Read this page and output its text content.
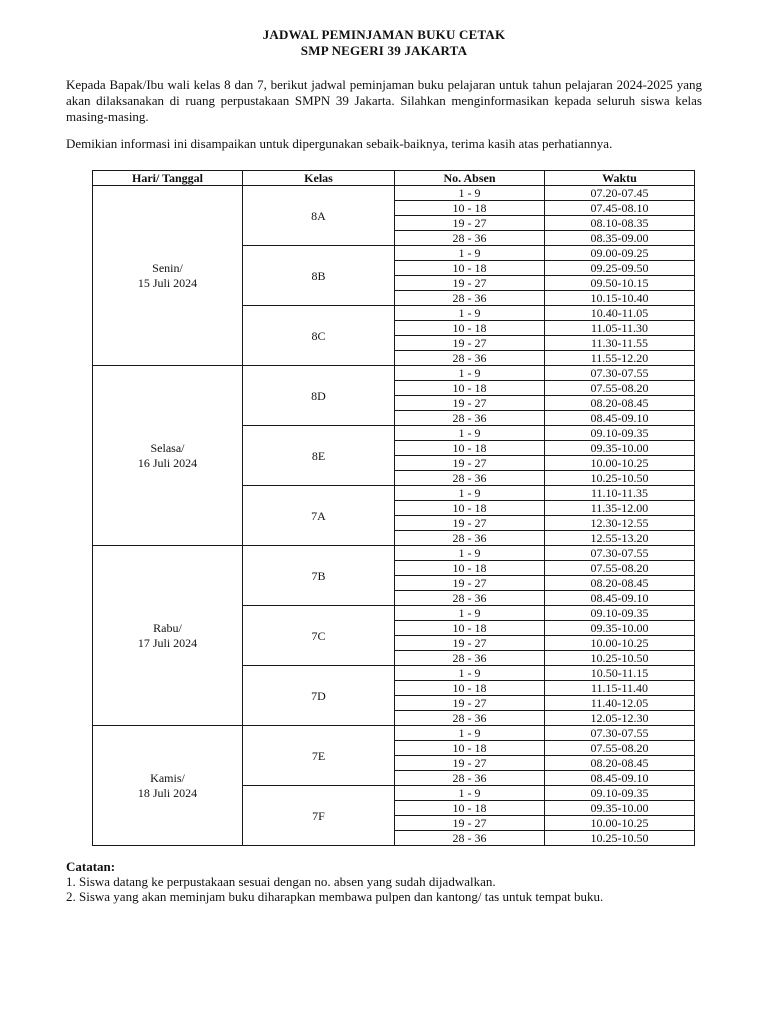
JADWAL PEMINJAMAN BUKU CETAK
SMP NEGERI 39 JAKARTA
Kepada Bapak/Ibu wali kelas 8 dan 7, berikut jadwal peminjaman buku pelajaran untuk tahun pelajaran 2024-2025 yang akan dilaksanakan di ruang perpustakaan SMPN 39 Jakarta. Silahkan menginformasikan kepada seluruh siswa kelas masing-masing.
Demikian informasi ini disampaikan untuk dipergunakan sebaik-baiknya, terima kasih atas perhatiannya.
Hari/ Tanggal	Kelas	No. Absen	Waktu

Senin/
15 Juli 2024	8A	1 - 9	07.20-07.45
		10 - 18	07.45-08.10
		19 - 27	08.10-08.35
		28 - 36	08.35-09.00
	8B	1 - 9	09.00-09.25
		10 - 18	09.25-09.50
		19 - 27	09.50-10.15
		28 - 36	10.15-10.40
	8C	1 - 9	10.40-11.05
		10 - 18	11.05-11.30
		19 - 27	11.30-11.55
		28 - 36	11.55-12.20

Selasa/
16 Juli 2024	8D	1 - 9	07.30-07.55
		10 - 18	07.55-08.20
		19 - 27	08.20-08.45
		28 - 36	08.45-09.10
	8E	1 - 9	09.10-09.35
		10 - 18	09.35-10.00
		19 - 27	10.00-10.25
		28 - 36	10.25-10.50
	7A	1 - 9	11.10-11.35
		10 - 18	11.35-12.00
		19 - 27	12.30-12.55
		28 - 36	12.55-13.20

Rabu/
17 Juli 2024	7B	1 - 9	07.30-07.55
		10 - 18	07.55-08.20
		19 - 27	08.20-08.45
		28 - 36	08.45-09.10
	7C	1 - 9	09.10-09.35
		10 - 18	09.35-10.00
		19 - 27	10.00-10.25
		28 - 36	10.25-10.50
	7D	1 - 9	10.50-11.15
		10 - 18	11.15-11.40
		19 - 27	11.40-12.05
		28 - 36	12.05-12.30

Kamis/
18 Juli 2024	7E	1 - 9	07.30-07.55
		10 - 18	07.55-08.20
		19 - 27	08.20-08.45
		28 - 36	08.45-09.10
	7F	1 - 9	09.10-09.35
		10 - 18	09.35-10.00
		19 - 27	10.00-10.25
		28 - 36	10.25-10.50
Catatan:
1. Siswa datang ke perpustakaan sesuai dengan no. absen yang sudah dijadwalkan.
2. Siswa yang akan meminjam buku diharapkan membawa pulpen dan kantong/ tas untuk tempat buku.
